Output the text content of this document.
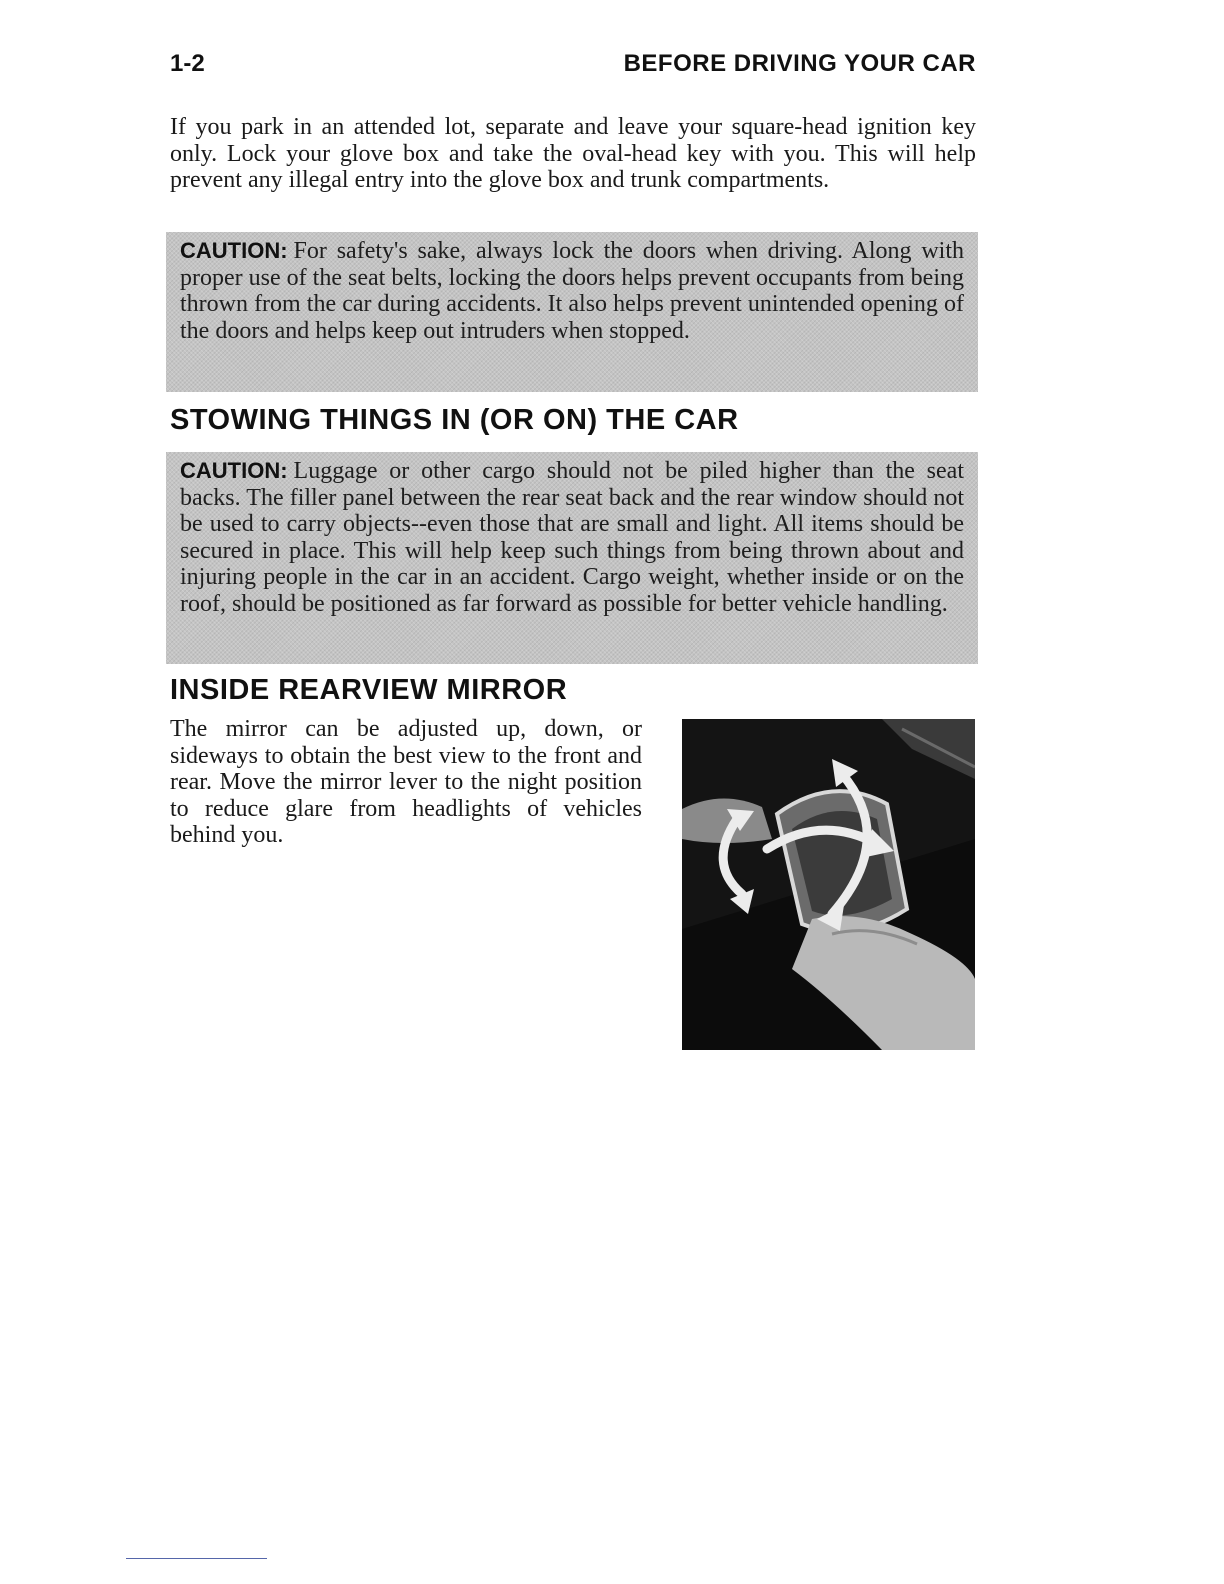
1-2	BEFORE DRIVING YOUR CAR

If you park in an attended lot, separate and leave your square-head ignition key only. Lock your glove box and take the oval-head key with you. This will help prevent any illegal entry into the glove box and trunk compartments.

CAUTION: For safety's sake, always lock the doors when driving. Along with proper use of the seat belts, locking the doors helps prevent occupants from being thrown from the car during accidents. It also helps prevent unintended opening of the doors and helps keep out intruders when stopped.
STOWING THINGS IN (OR ON) THE CAR
CAUTION: Luggage or other cargo should not be piled higher than the seat backs. The filler panel between the rear seat back and the rear window should not be used to carry objects--even those that are small and light. All items should be secured in place. This will help keep such things from being thrown about and injuring people in the car in an accident. Cargo weight, whether inside or on the roof, should be positioned as far forward as possible for better vehicle handling.
INSIDE REARVIEW MIRROR

The mirror can be adjusted up, down, or sideways to obtain the best view to the front and rear. Move the mirror lever to the night position to reduce glare from headlights of vehicles behind you.
